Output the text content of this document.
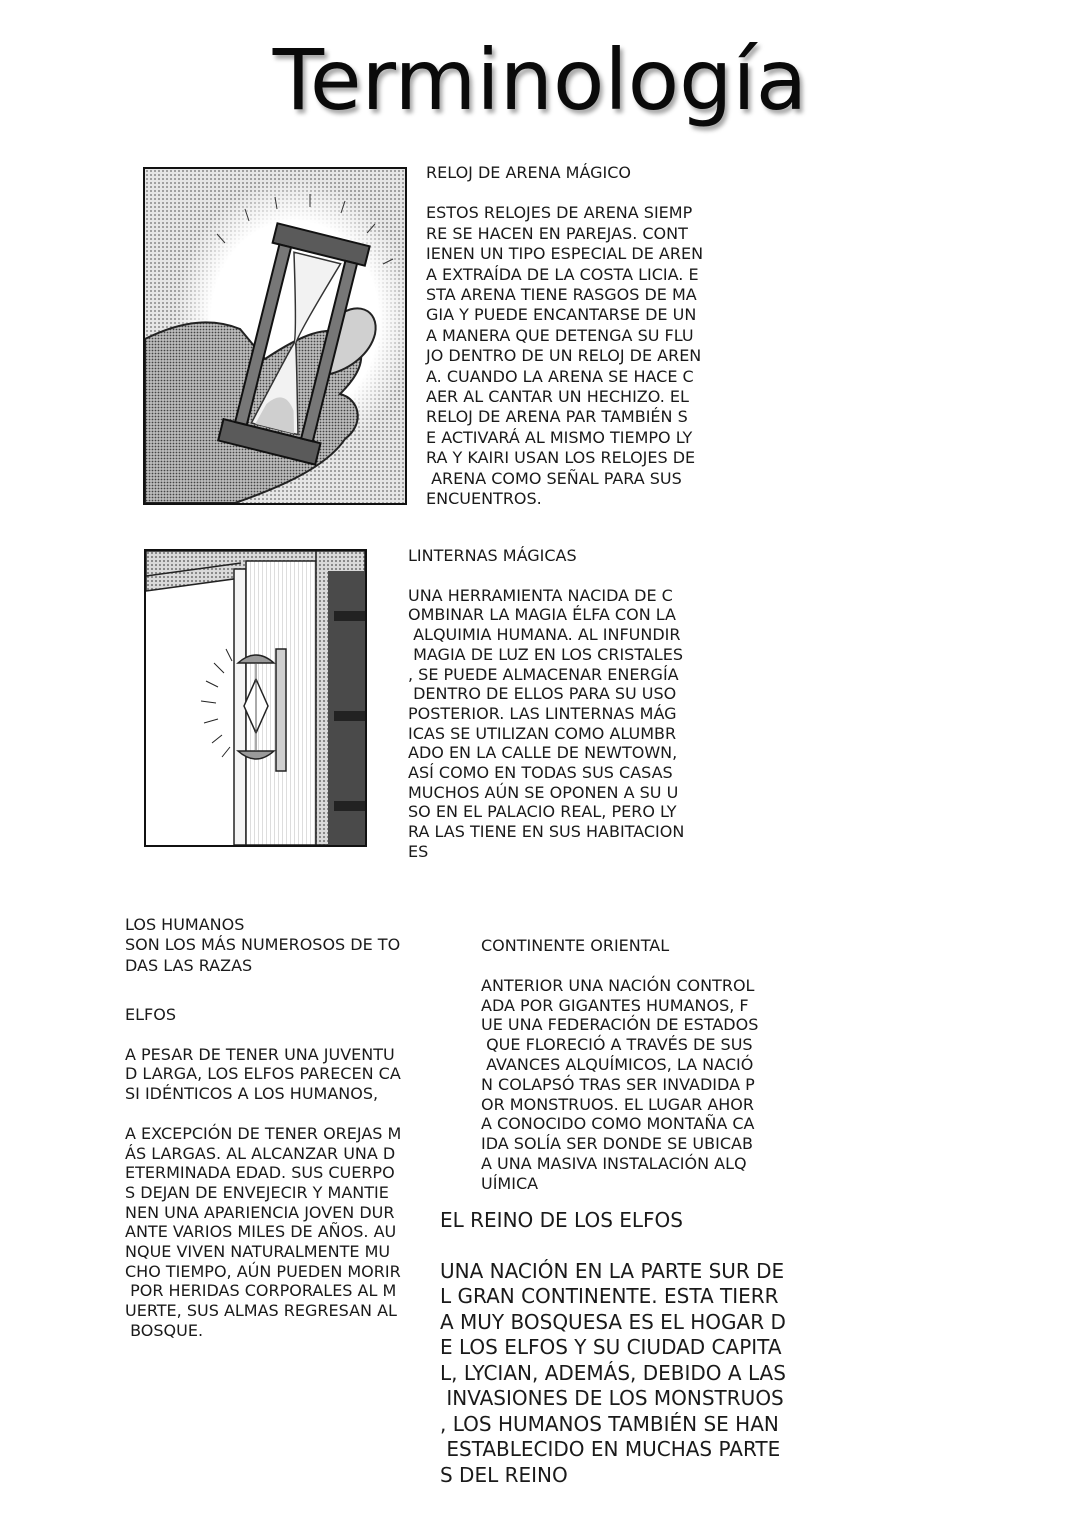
Terminología
RELOJ DE ARENA MÁGICO
ESTOS RELOJES DE ARENA SIEMP
RE SE HACEN EN PAREJAS. CONT
IENEN UN TIPO ESPECIAL DE AREN
A EXTRAÍDA DE LA COSTA LICIA. E
STA ARENA TIENE RASGOS DE MA
GIA Y PUEDE ENCANTARSE DE UN
A MANERA QUE DETENGA SU FLU
JO DENTRO DE UN RELOJ DE AREN
A. CUANDO LA ARENA SE HACE C
AER AL CANTAR UN HECHIZO. EL
RELOJ DE ARENA PAR TAMBIÉN S
E ACTIVARÁ AL MISMO TIEMPO LY
RA Y KAIRI USAN LOS RELOJES DE
ARENA COMO SEÑAL PARA SUS
ENCUENTROS.
LINTERNAS MÁGICAS
UNA HERRAMIENTA NACIDA DE C
OMBINAR LA MAGIA ÉLFA CON LA
ALQUIMIA HUMANA. AL INFUNDIR
MAGIA DE LUZ EN LOS CRISTALES
, SE PUEDE ALMACENAR ENERGÍA
DENTRO DE ELLOS PARA SU USO
POSTERIOR. LAS LINTERNAS MÁG
ICAS SE UTILIZAN COMO ALUMBR
ADO EN LA CALLE DE NEWTOWN,
ASÍ COMO EN TODAS SUS CASAS
MUCHOS AÚN SE OPONEN A SU U
SO EN EL PALACIO REAL, PERO LY
RA LAS TIENE EN SUS HABITACION
ES
LOS HUMANOS
SON LOS MÁS NUMEROSOS DE TO
DAS LAS RAZAS
ELFOS
A PESAR DE TENER UNA JUVENTU
D LARGA, LOS ELFOS PARECEN CA
SI IDÉNTICOS A LOS HUMANOS,
A EXCEPCIÓN DE TENER OREJAS M
ÁS LARGAS. AL ALCANZAR UNA D
ETERMINADA EDAD. SUS CUERPO
S DEJAN DE ENVEJECIR Y MANTIE
NEN UNA APARIENCIA JOVEN DUR
ANTE VARIOS MILES DE AÑOS. AU
NQUE VIVEN NATURALMENTE MU
CHO TIEMPO, AÚN PUEDEN MORIR
POR HERIDAS CORPORALES AL M
UERTE, SUS ALMAS REGRESAN AL
BOSQUE.
CONTINENTE ORIENTAL
ANTERIOR UNA NACIÓN CONTROL
ADA POR GIGANTES HUMANOS, F
UE UNA FEDERACIÓN DE ESTADOS
QUE FLORECIÓ A TRAVÉS DE SUS
AVANCES ALQUÍMICOS, LA NACIÓ
N COLAPSÓ TRAS SER INVADIDA P
OR MONSTRUOS. EL LUGAR AHOR
A CONOCIDO COMO MONTAÑA CA
IDA SOLÍA SER DONDE SE UBICAB
A UNA MASIVA INSTALACIÓN ALQ
UÍMICA
EL REINO DE LOS ELFOS
UNA NACIÓN EN LA PARTE SUR DE
L GRAN CONTINENTE. ESTA TIERR
A MUY BOSQUESA ES EL HOGAR D
E LOS ELFOS Y SU CIUDAD CAPITA
L, LYCIAN, ADEMÁS, DEBIDO A LAS
INVASIONES DE LOS MONSTRUOS
, LOS HUMANOS TAMBIÉN SE HAN
ESTABLECIDO EN MUCHAS PARTE
S DEL REINO
